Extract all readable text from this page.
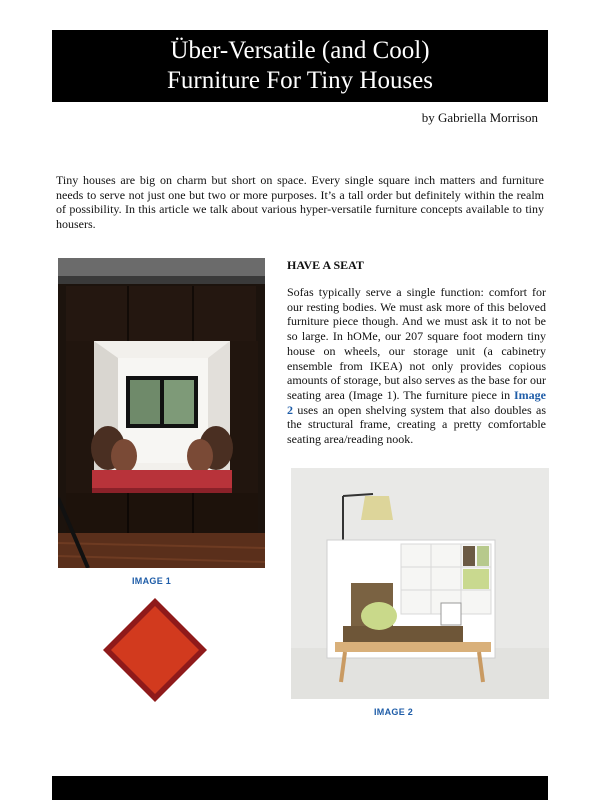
Über-Versatile (and Cool)
Furniture For Tiny Houses
by Gabriella Morrison

Tiny houses are big on charm but short on space. Every single square inch matters and furniture needs to serve not just one but two or more purposes. It’s a tall order but definitely within the realm of possibility. In this article we talk about various hyper-versatile furniture concepts available to tiny housers.

IMAGE 1
HAVE A SEAT

Sofas typically serve a single function: comfort for our resting bodies. We must ask more of this beloved furniture piece though. And we must ask it to not be so large. In hOMe, our 207 square foot modern tiny house on wheels, our storage unit (a cabinetry ensemble from IKEA) not only provides copious amounts of storage, but also serves as the base for our seating area (Image 1). The furniture piece in Image 2 uses an open shelving system that also doubles as the structural frame, creating a pretty comfortable seating area/reading nook.

IMAGE 2
